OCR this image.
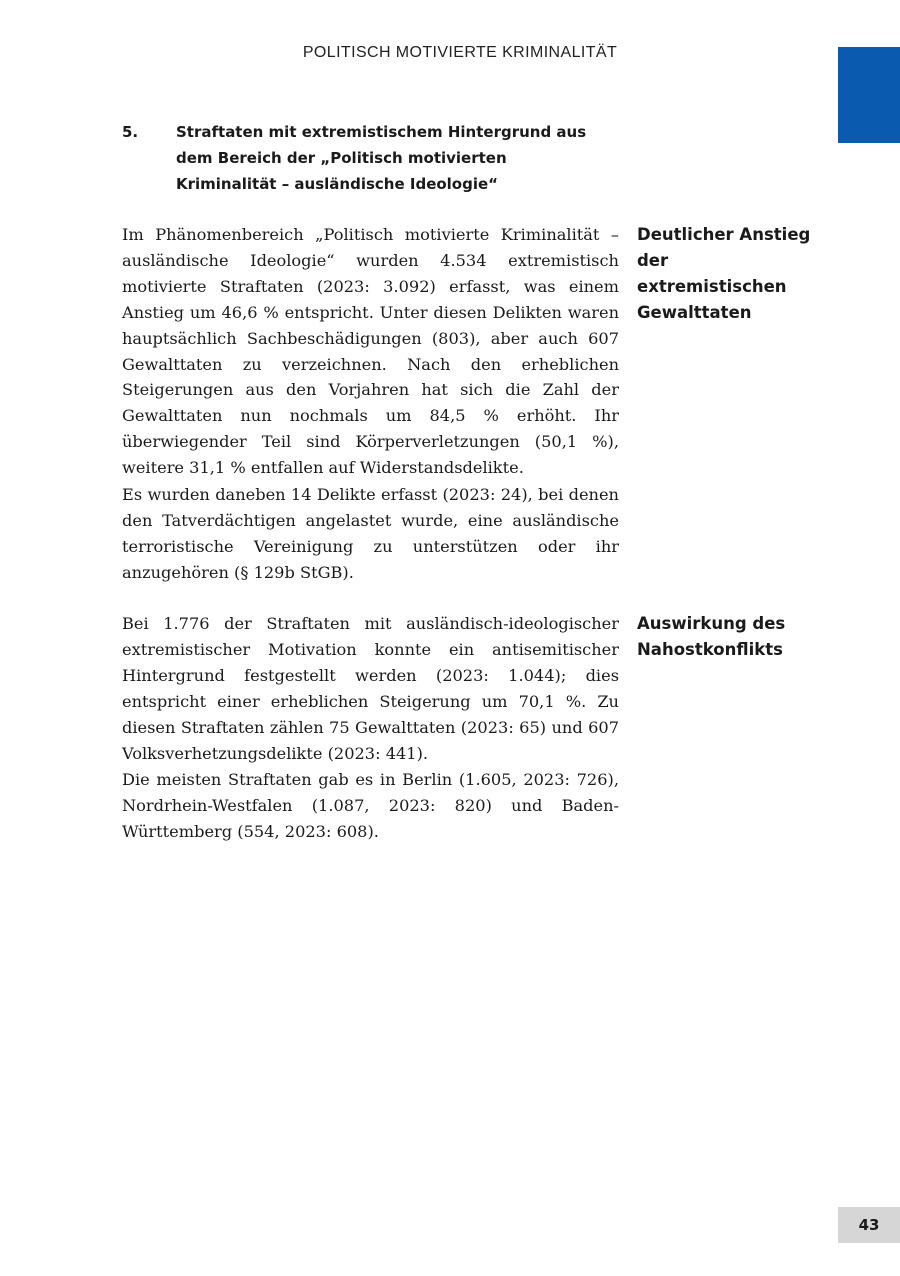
POLITISCH MOTIVIERTE KRIMINALITÄT
5.	Straftaten mit extremistischem Hintergrund aus dem Bereich der „Politisch motivierten Kriminalität – ausländische Ideologie“

Im Phänomenbereich „Politisch motivierte Kriminalität – ausländische Ideologie“ wurden 4.534 extremistisch motivierte Straftaten (2023: 3.092) erfasst, was einem Anstieg um 46,6 % entspricht. Unter diesen Delikten waren hauptsächlich Sachbeschädigungen (803), aber auch 607 Gewalttaten zu verzeichnen. Nach den erheblichen Steigerungen aus den Vorjahren hat sich die Zahl der Gewalttaten nun nochmals um 84,5 % erhöht. Ihr überwiegender Teil sind Körperverletzungen (50,1 %), weitere 31,1 % entfallen auf Widerstandsdelikte.

Deutlicher Anstieg der extremistischen Gewalttaten

Es wurden daneben 14 Delikte erfasst (2023: 24), bei denen den Tatverdächtigen angelastet wurde, eine ausländische terroristische Vereinigung zu unterstützen oder ihr anzugehören (§ 129b StGB).

Bei 1.776 der Straftaten mit ausländisch-ideologischer extremistischer Motivation konnte ein antisemitischer Hintergrund festgestellt werden (2023: 1.044); dies entspricht einer erheblichen Steigerung um 70,1 %. Zu diesen Straftaten zählen 75 Gewalttaten (2023: 65) und 607 Volksverhetzungsdelikte (2023: 441).

Auswirkung des Nahostkonflikts

Die meisten Straftaten gab es in Berlin (1.605, 2023: 726), Nordrhein-Westfalen (1.087, 2023: 820) und Baden-Württemberg (554, 2023: 608).

43
